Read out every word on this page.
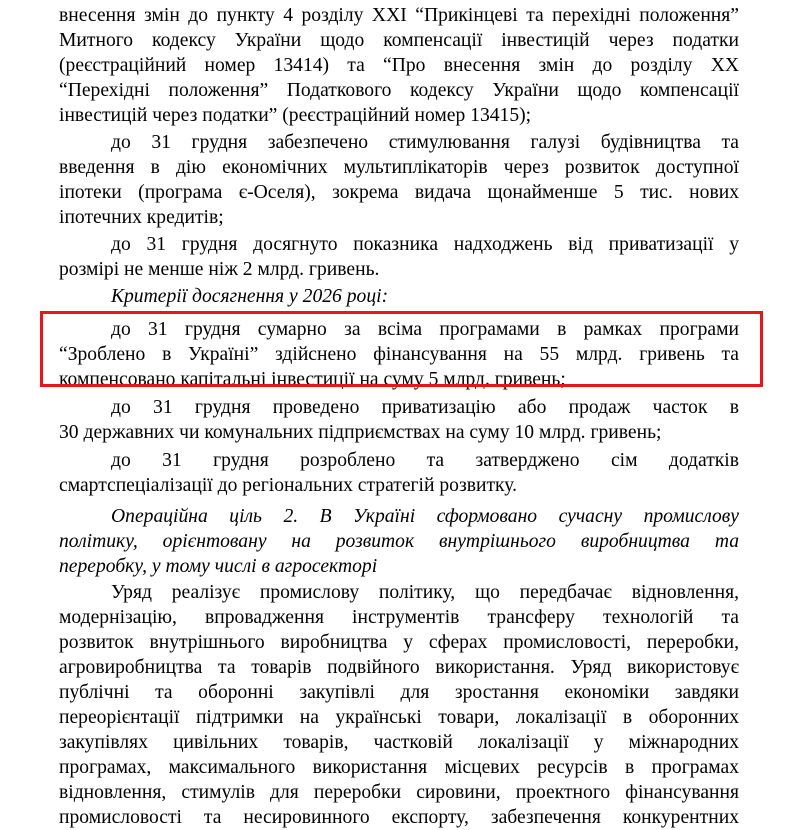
внесення змін до пункту 4 розділу XXI “Прикінцеві та перехідні положення”
Митного кодексу України щодо компенсації інвестицій через податки
(реєстраційний номер 13414) та “Про внесення змін до розділу XX
“Перехідні положення” Податкового кодексу України щодо компенсації
інвестицій через податки” (реєстраційний номер 13415);
до 31 грудня забезпечено стимулювання галузі будівництва та
введення в дію економічних мультиплікаторів через розвиток доступної
іпотеки (програма є-Оселя), зокрема видача щонайменше 5 тис. нових
іпотечних кредитів;
до 31 грудня досягнуто показника надходжень від приватизації у
розмірі не менше ніж 2 млрд. гривень.
Критерії досягнення у 2026 році:
до 31 грудня сумарно за всіма програмами в рамках програми
“Зроблено в Україні” здійснено фінансування на 55 млрд. гривень та
компенсовано капітальні інвестиції на суму 5 млрд. гривень;
до 31 грудня проведено приватизацію або продаж часток в
30 державних чи комунальних підприємствах на суму 10 млрд. гривень;
до 31 грудня розроблено та затверджено сім додатків
смартспеціалізації до регіональних стратегій розвитку.
Операційна ціль 2. В Україні сформовано сучасну промислову
політику, орієнтовану на розвиток внутрішнього виробництва та
переробку, у тому числі в агросекторі
Уряд реалізує промислову політику, що передбачає відновлення,
модернізацію, впровадження інструментів трансферу технологій та
розвиток внутрішнього виробництва у сферах промисловості, переробки,
агровиробництва та товарів подвійного використання. Уряд використовує
публічні та оборонні закупівлі для зростання економіки завдяки
переорієнтації підтримки на українські товари, локалізації в оборонних
закупівлях цивільних товарів, частковій локалізації у міжнародних
програмах, максимального використання місцевих ресурсів в програмах
відновлення, стимулів для переробки сировини, проектного фінансування
промисловості та несировинного експорту, забезпечення конкурентних
